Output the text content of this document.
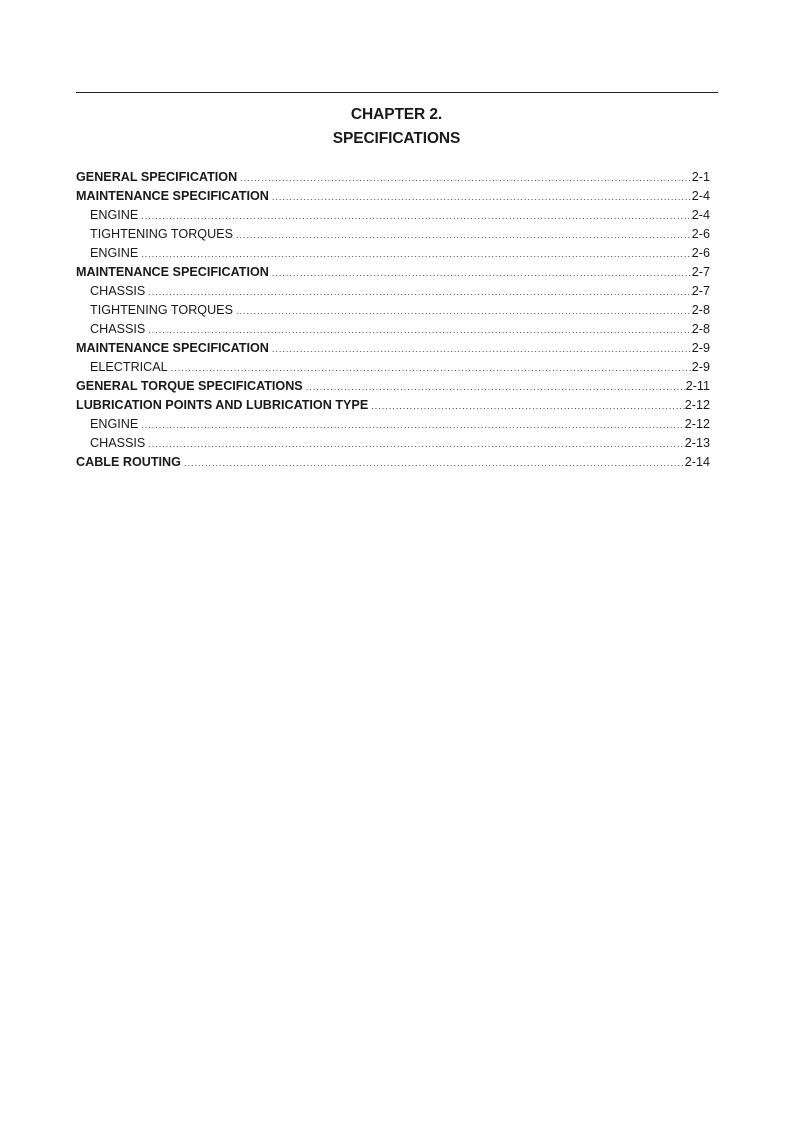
CHAPTER 2.
SPECIFICATIONS
GENERAL SPECIFICATION .....	2-1
MAINTENANCE SPECIFICATION .....	2-4
ENGINE .....	2-4
TIGHTENING TORQUES .....	2-6
ENGINE .....	2-6
MAINTENANCE SPECIFICATION .....	2-7
CHASSIS .....	2-7
TIGHTENING TORQUES .....	2-8
CHASSIS .....	2-8
MAINTENANCE SPECIFICATION .....	2-9
ELECTRICAL .....	2-9
GENERAL TORQUE SPECIFICATIONS .....	2-11
LUBRICATION POINTS AND LUBRICATION TYPE .....	2-12
ENGINE .....	2-12
CHASSIS .....	2-13
CABLE ROUTING .....	2-14
